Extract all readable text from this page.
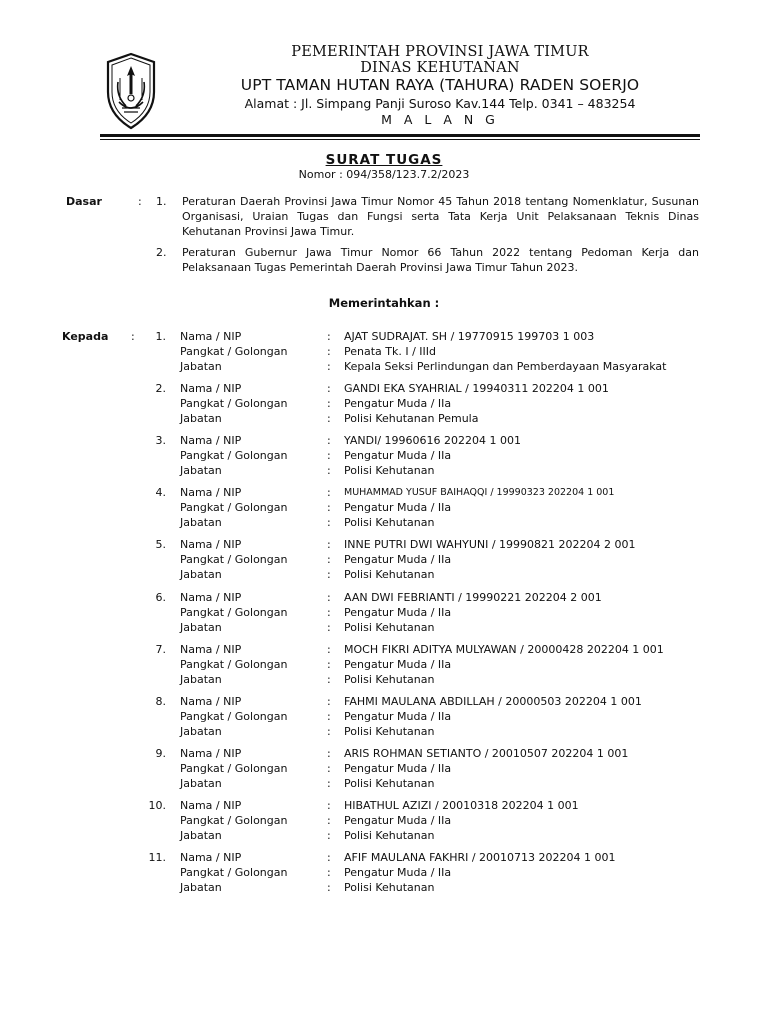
PEMERINTAH PROVINSI JAWA TIMUR
DINAS KEHUTANAN
UPT TAMAN HUTAN RAYA (TAHURA) RADEN SOERJO
Alamat : Jl. Simpang Panji Suroso Kav.144 Telp. 0341 – 483254
M A L A N G
SURAT TUGAS
Nomor : 094/358/123.7.2/2023
Dasar	: 1. Peraturan Daerah Provinsi Jawa Timur Nomor 45 Tahun 2018 tentang Nomenklatur, Susunan Organisasi, Uraian Tugas dan Fungsi serta Tata Kerja Unit Pelaksanaan Teknis Dinas Kehutanan Provinsi Jawa Timur.
2. Peraturan Gubernur Jawa Timur Nomor 66 Tahun 2022 tentang Pedoman Kerja dan Pelaksanaan Tugas Pemerintah Daerah Provinsi Jawa Timur Tahun 2023.
Memerintahkan :
Kepada :	1. Nama / NIP
Pangkat / Golongan
Jabatan
:
:
:
AJAT SUDRAJAT. SH / 19770915 199703 1 003
Penata Tk. I / IIId
Kepala Seksi Perlindungan dan Pemberdayaan Masyarakat
2. Nama / NIP
Pangkat / Golongan
Jabatan
:
:
:
GANDI EKA SYAHRIAL / 19940311 202204 1 001
Pengatur Muda / IIa
Polisi Kehutanan Pemula
3. Nama / NIP
Pangkat / Golongan
Jabatan
:
:
:
YANDI/ 19960616 202204 1 001
Pengatur Muda / IIa
Polisi Kehutanan
4. Nama / NIP
Pangkat / Golongan
Jabatan
:
:
:
MUHAMMAD YUSUF BAIHAQQI / 19990323 202204 1 001
Pengatur Muda / IIa
Polisi Kehutanan
5. Nama / NIP
Pangkat / Golongan
Jabatan
:
:
:
INNE PUTRI DWI WAHYUNI / 19990821 202204 2 001
Pengatur Muda / IIa
Polisi Kehutanan
6. Nama / NIP
Pangkat / Golongan
Jabatan
:
:
:
AAN DWI FEBRIANTI / 19990221 202204 2 001
Pengatur Muda / IIa
Polisi Kehutanan
7. Nama / NIP
Pangkat / Golongan
Jabatan
:
:
:
MOCH FIKRI ADITYA MULYAWAN / 20000428 202204 1 001
Pengatur Muda / IIa
Polisi Kehutanan
8. Nama / NIP
Pangkat / Golongan
Jabatan
:
:
:
FAHMI MAULANA ABDILLAH / 20000503 202204 1 001
Pengatur Muda / IIa
Polisi Kehutanan
9. Nama / NIP
Pangkat / Golongan
Jabatan
:
:
:
ARIS ROHMAN SETIANTO / 20010507 202204 1 001
Pengatur Muda / IIa
Polisi Kehutanan
10. Nama / NIP
Pangkat / Golongan
Jabatan
:
:
:
HIBATHUL AZIZI / 20010318 202204 1 001
Pengatur Muda / IIa
Polisi Kehutanan
11. Nama / NIP
Pangkat / Golongan
Jabatan
:
:
:
AFIF MAULANA FAKHRI / 20010713 202204 1 001
Pengatur Muda / IIa
Polisi Kehutanan
